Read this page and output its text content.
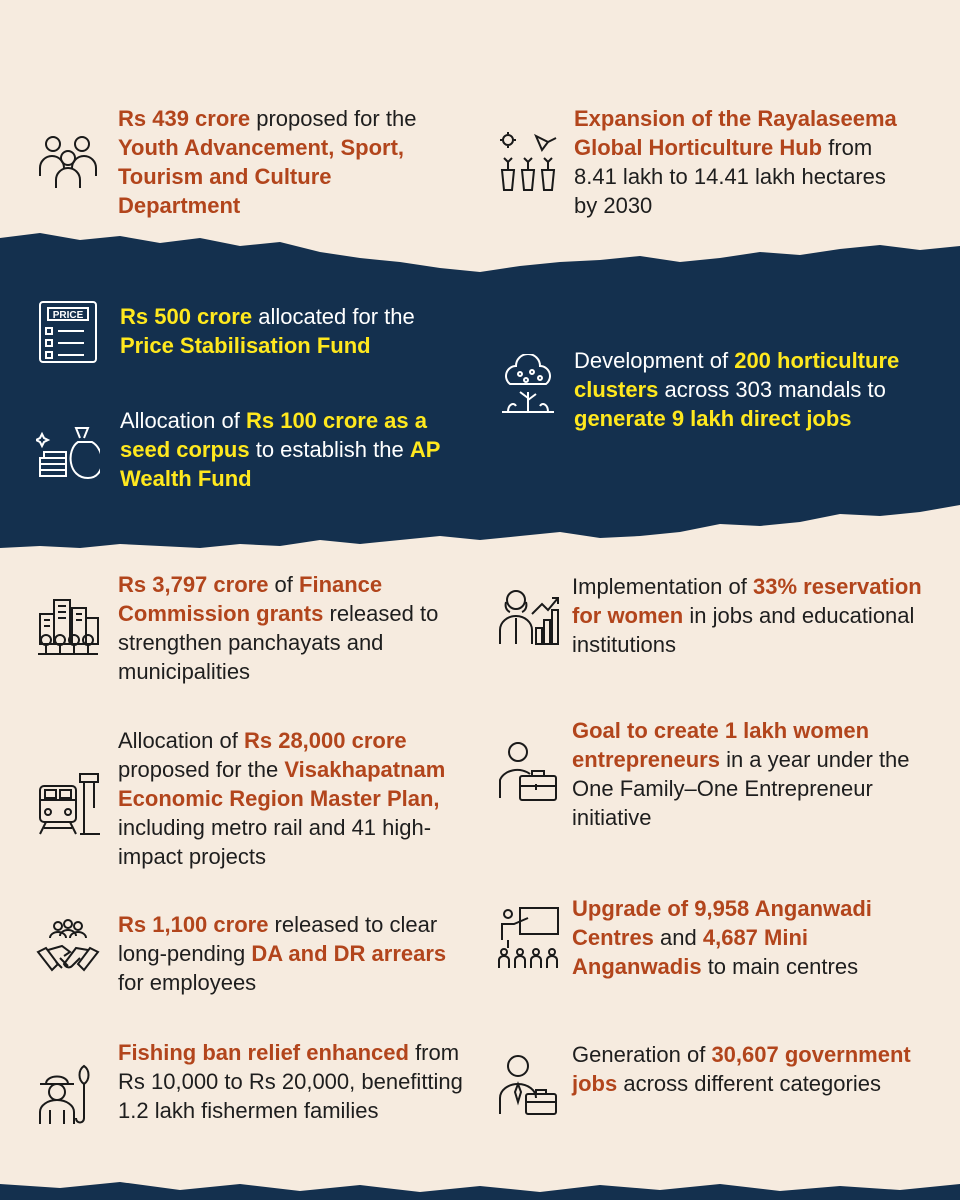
Rs 439 crore proposed for the Youth Advancement, Sport, Tourism and Culture Department
Expansion of the Rayalaseema Global Horticulture Hub from 8.41 lakh to 14.41 lakh hectares by 2030
PRICE Rs 500 crore allocated for the Price Stabilisation Fund
Development of 200 horticulture clusters across 303 mandals to generate 9 lakh direct jobs
Allocation of Rs 100 crore as a seed corpus to establish the AP Wealth Fund
Rs 3,797 crore of Finance Commission grants released to strengthen panchayats and municipalities
Implementation of 33% reservation for women in jobs and educational institutions
Allocation of Rs 28,000 crore proposed for the Visakhapatnam Economic Region Master Plan, including metro rail and 41 high-impact projects
Goal to create 1 lakh women entrepreneurs in a year under the One Family–One Entrepreneur initiative
Rs 1,100 crore released to clear long-pending DA and DR arrears for employees
Upgrade of 9,958 Anganwadi Centres and 4,687 Mini Anganwadis to main centres
Fishing ban relief enhanced from Rs 10,000 to Rs 20,000, benefitting 1.2 lakh fishermen families
Generation of 30,607 government jobs across different categories
